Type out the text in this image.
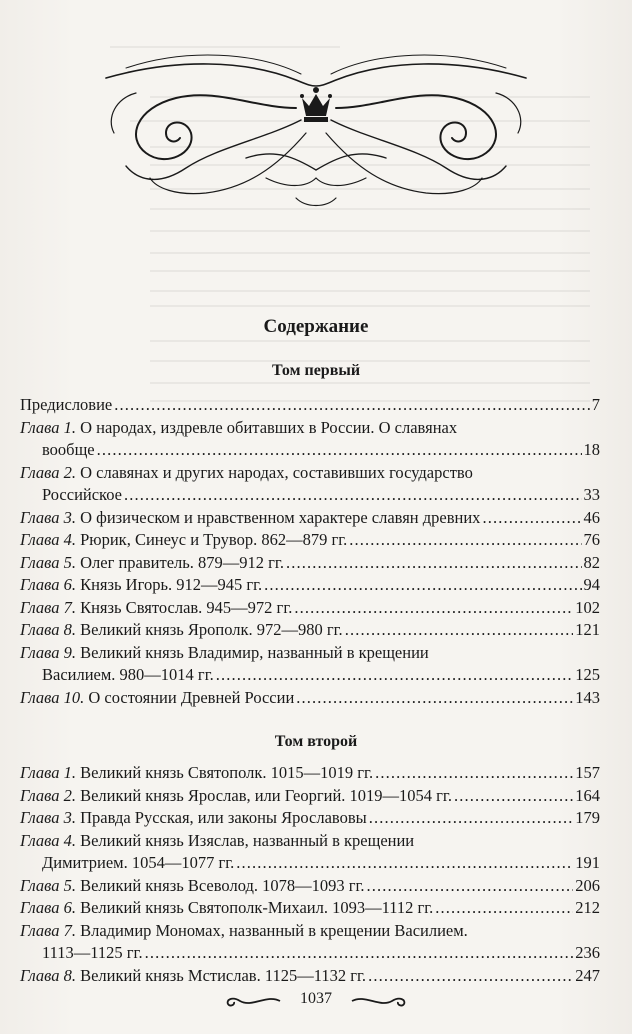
Содержание
Том первый
Предисловие . . .	7
Глава 1. О народах, издревле обитавших в России. О славянах
вообще . . .	18
Глава 2. О славянах и других народах, составивших государство
Российское . . .	33
Глава 3. О физическом и нравственном характере славян древних . . .	46
Глава 4. Рюрик, Синеус и Трувор. 862—879 гг. . . .	76
Глава 5. Олег правитель. 879—912 гг. . . .	82
Глава 6. Князь Игорь. 912—945 гг. . . .	94
Глава 7. Князь Святослав. 945—972 гг. . . .	102
Глава 8. Великий князь Ярополк. 972—980 гг. . . .	121
Глава 9. Великий князь Владимир, названный в крещении
Василием. 980—1014 гг. . . .	125
Глава 10. О состоянии Древней России . . .	143
Том второй
Глава 1. Великий князь Святополк. 1015—1019 гг. . . .	157
Глава 2. Великий князь Ярослав, или Георгий. 1019—1054 гг. . . .	164
Глава 3. Правда Русская, или законы Ярославовы . . .	179
Глава 4. Великий князь Изяслав, названный в крещении
Димитрием. 1054—1077 гг. . . .	191
Глава 5. Великий князь Всеволод. 1078—1093 гг. . . .	206
Глава 6. Великий князь Святополк-Михаил. 1093—1112 гг. . . .	212
Глава 7. Владимир Мономах, названный в крещении Василием.
1113—1125 гг. . . .	236
Глава 8. Великий князь Мстислав. 1125—1132 гг. . . .	247
1037
